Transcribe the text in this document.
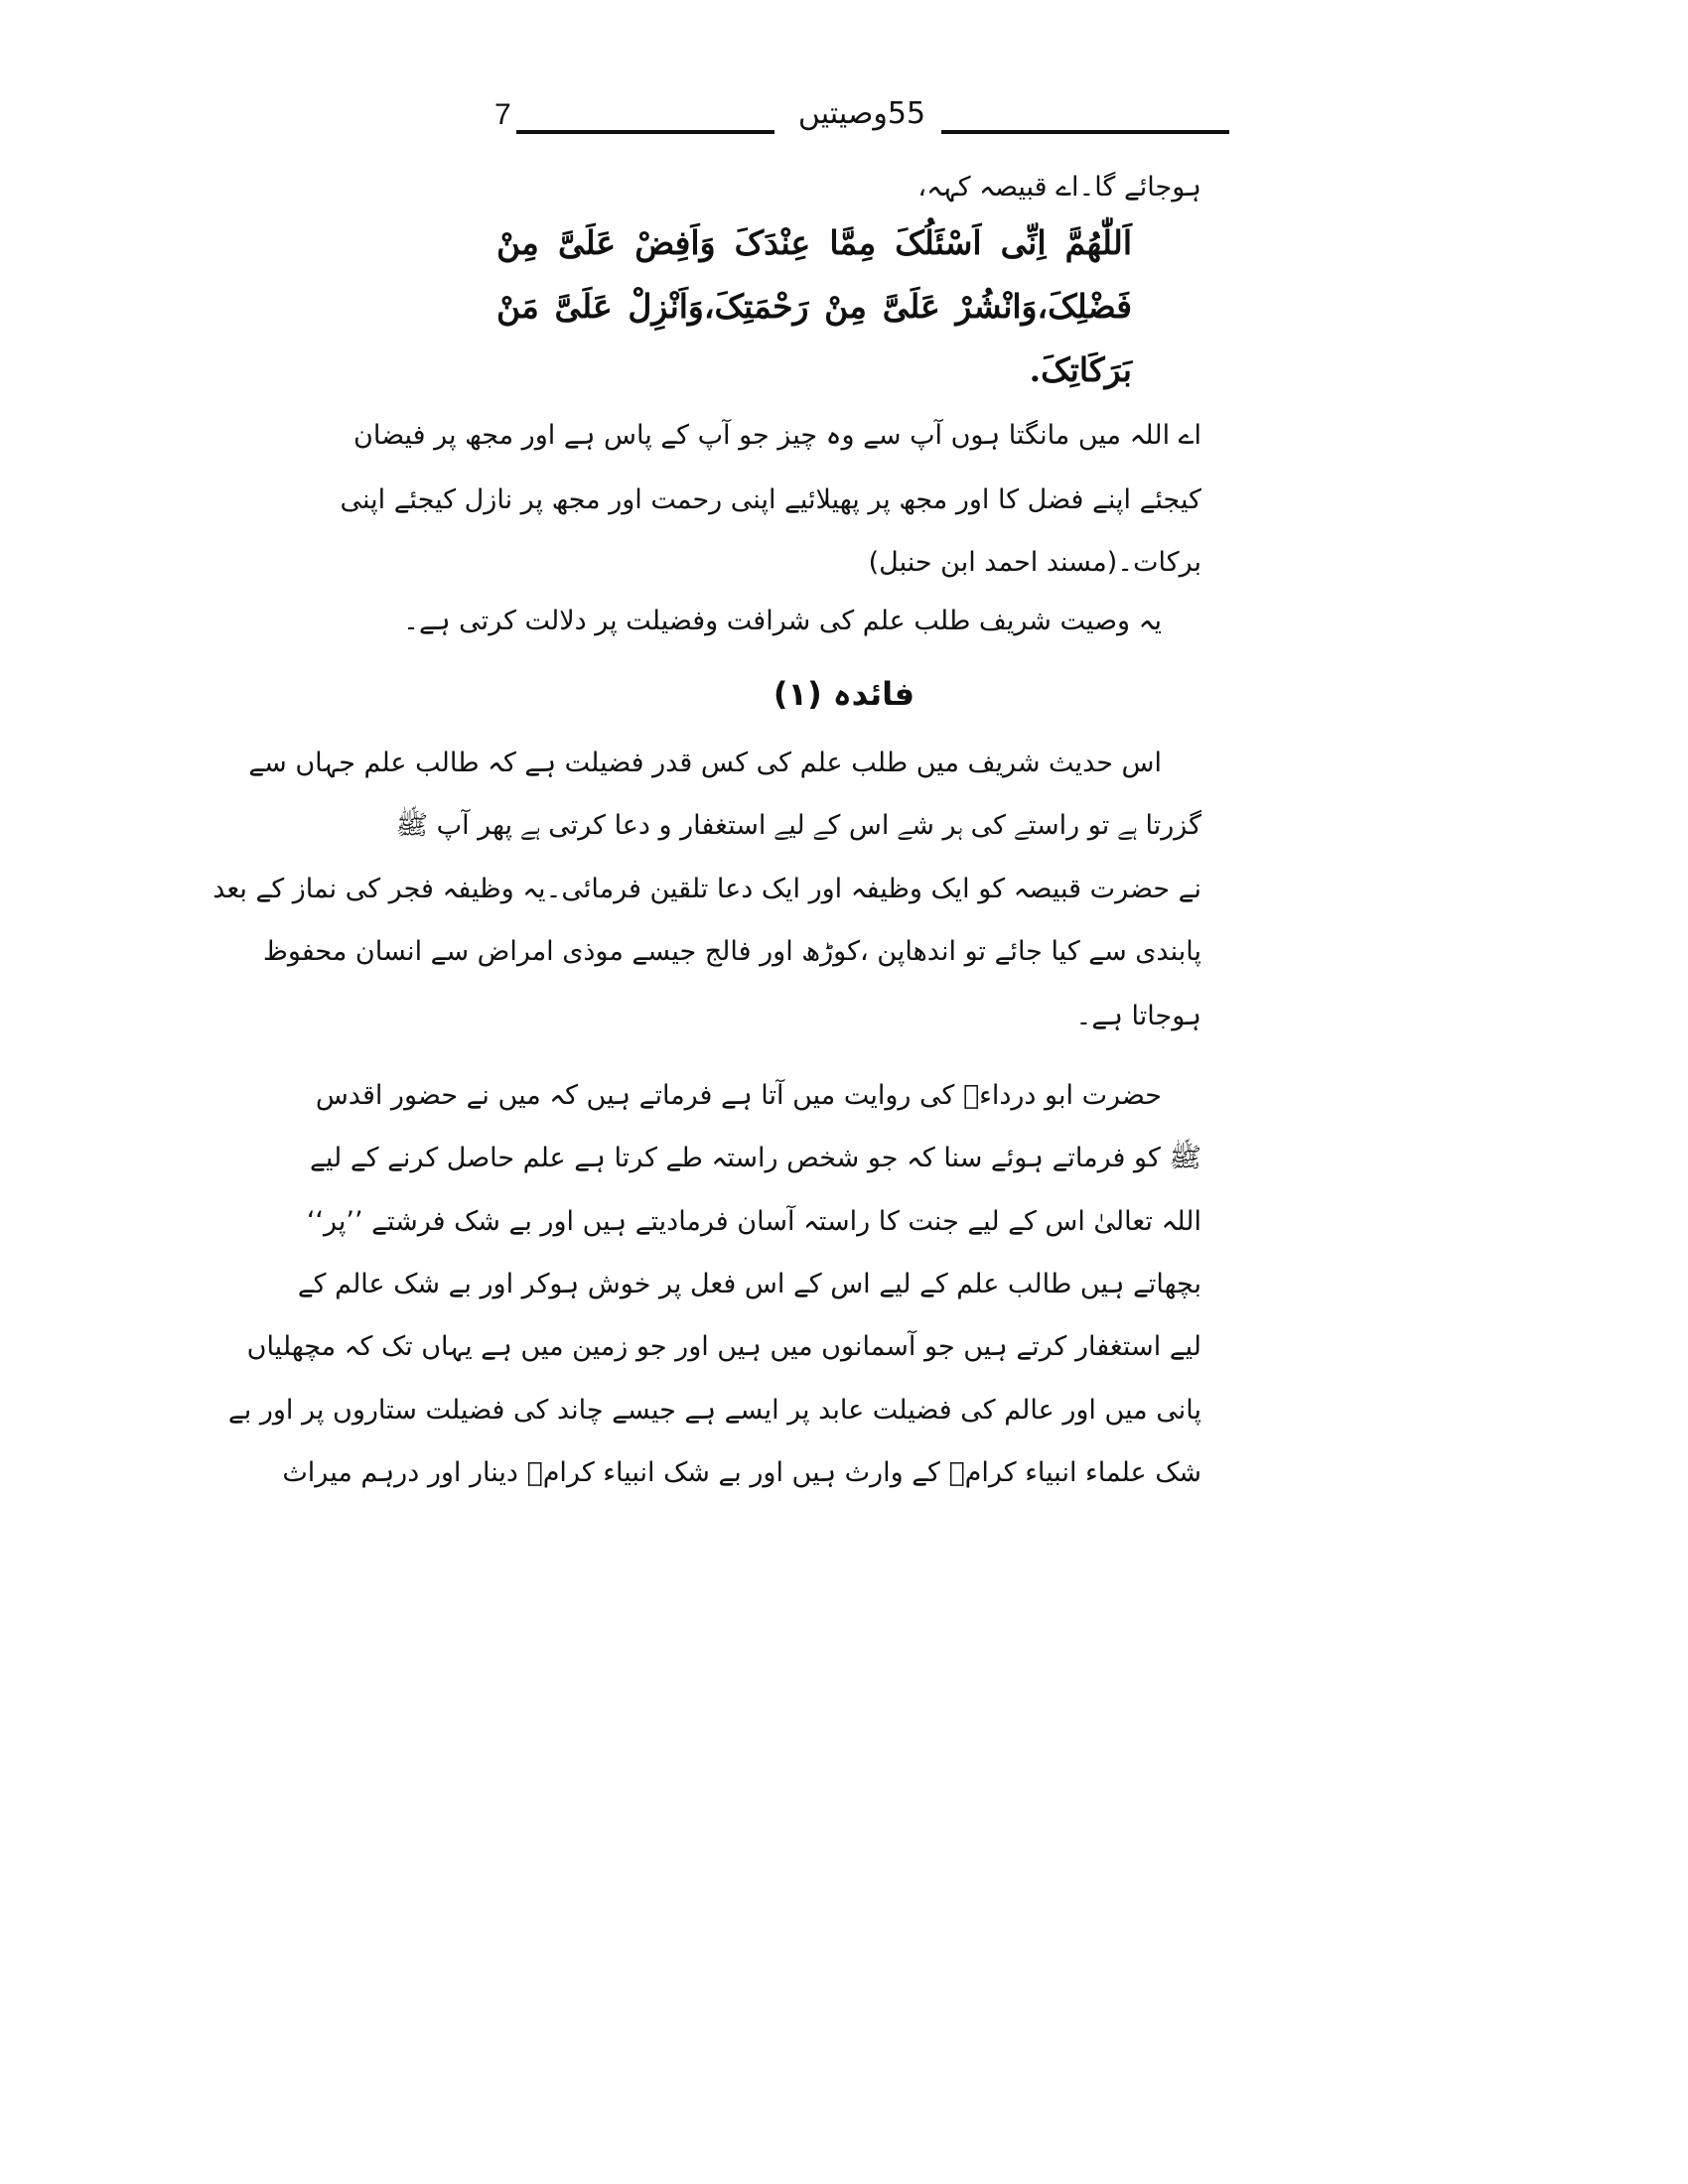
7	55وصیتیں
ہوجائے گا۔اے قبیصہ کہہ،
اَللّٰھُمَّ اِنِّی اَسْئَلُکَ مِمَّا عِنْدَکَ وَاَفِضْ عَلَیَّ مِنْ
فَضْلِکَ،وَانْشُرْ عَلَیَّ مِنْ رَحْمَتِکَ،وَاَنْزِلْ عَلَیَّ مَنْ
بَرَکَاتِکَ.
اے اللہ میں مانگتا ہوں آپ سے وہ چیز جو آپ کے پاس ہے اور مجھ پر فیضان
کیجئے اپنے فضل کا اور مجھ پر پھیلائیے اپنی رحمت اور مجھ پر نازل کیجئے اپنی
برکات۔(مسند احمد ابن حنبل)
یہ وصیت شریف طلب علم کی شرافت وفضیلت پر دلالت کرتی ہے۔
فائدہ (١)
اس حدیث شریف میں طلب علم کی کس قدر فضیلت ہے کہ طالب علم جہاں سے
گزرتا ہے تو راستے کی ہر شے اس کے لیے استغفار و دعا کرتی ہے پھر آپ ﷺ
نے حضرت قبیصہ کو ایک وظیفہ اور ایک دعا تلقین فرمائی۔یہ وظیفہ فجر کی نماز کے بعد
پابندی سے کیا جائے تو اندھاپن ،کوڑھ اور فالج جیسے موذی امراض سے انسان محفوظ
ہوجاتا ہے۔
حضرت ابو درداءؓ کی روایت میں آتا ہے فرماتے ہیں کہ میں نے حضور اقدس
ﷺ کو فرماتے ہوئے سنا کہ جو شخص راستہ طے کرتا ہے علم حاصل کرنے کے لیے
اللہ تعالیٰ اس کے لیے جنت کا راستہ آسان فرمادیتے ہیں اور بے شک فرشتے ’’پر‘‘
بچھاتے ہیں طالب علم کے لیے اس کے اس فعل پر خوش ہوکر اور بے شک عالم کے
لیے استغفار کرتے ہیں جو آسمانوں میں ہیں اور جو زمین میں ہے یہاں تک کہ مچھلیاں
پانی میں اور عالم کی فضیلت عابد پر ایسے ہے جیسے چاند کی فضیلت ستاروں پر اور بے
شک علماء انبیاء کرامؑ کے وارث ہیں اور بے شک انبیاء کرامؑ دینار اور درہم میراث
